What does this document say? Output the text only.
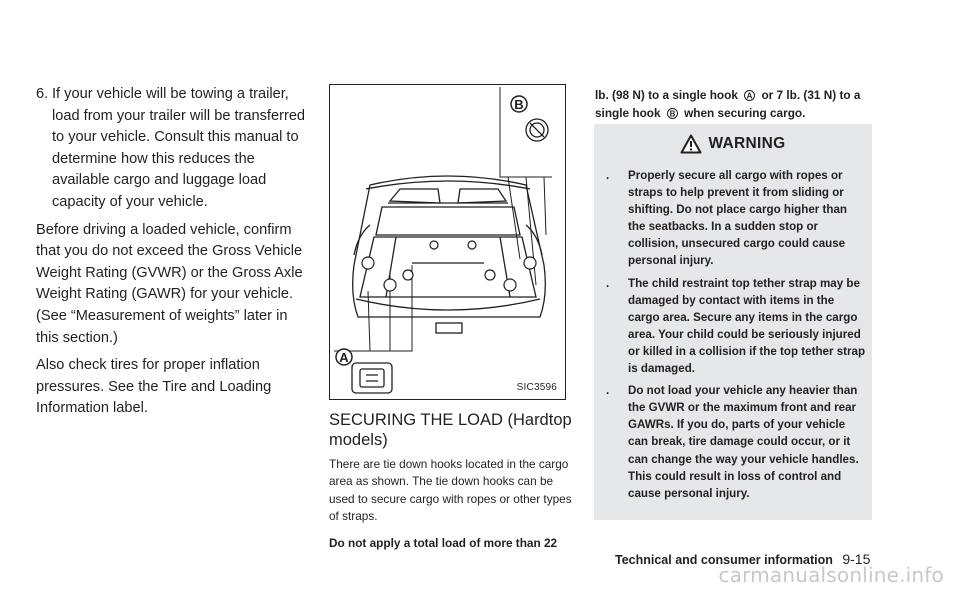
6. If your vehicle will be towing a trailer, load from your trailer will be transferred to your vehicle. Consult this manual to determine how this reduces the available cargo and luggage load capacity of your vehicle.

Before driving a loaded vehicle, confirm that you do not exceed the Gross Vehicle Weight Rating (GVWR) or the Gross Axle Weight Rating (GAWR) for your vehicle. (See “Measurement of weights” later in this section.)

Also check tires for proper inflation pressures. See the Tire and Loading Information label.

B
A
SIC3596
SECURING THE LOAD (Hardtop models)

There are tie down hooks located in the cargo area as shown. The tie down hooks can be used to secure cargo with ropes or other types of straps.

Do not apply a total load of more than 22

lb. (98 N) to a single hook A or 7 lb. (31 N) to a single hook B when securing cargo.
WARNING
.	Properly secure all cargo with ropes or straps to help prevent it from sliding or shifting. Do not place cargo higher than the seatbacks. In a sudden stop or collision, unsecured cargo could cause personal injury.
.	The child restraint top tether strap may be damaged by contact with items in the cargo area. Secure any items in the cargo area. Your child could be seriously injured or killed in a collision if the top tether strap is damaged.
.	Do not load your vehicle any heavier than the GVWR or the maximum front and rear GAWRs. If you do, parts of your vehicle can break, tire damage could occur, or it can change the way your vehicle handles. This could result in loss of control and cause personal injury.
Technical and consumer information 9-15
carmanualsonline.info
